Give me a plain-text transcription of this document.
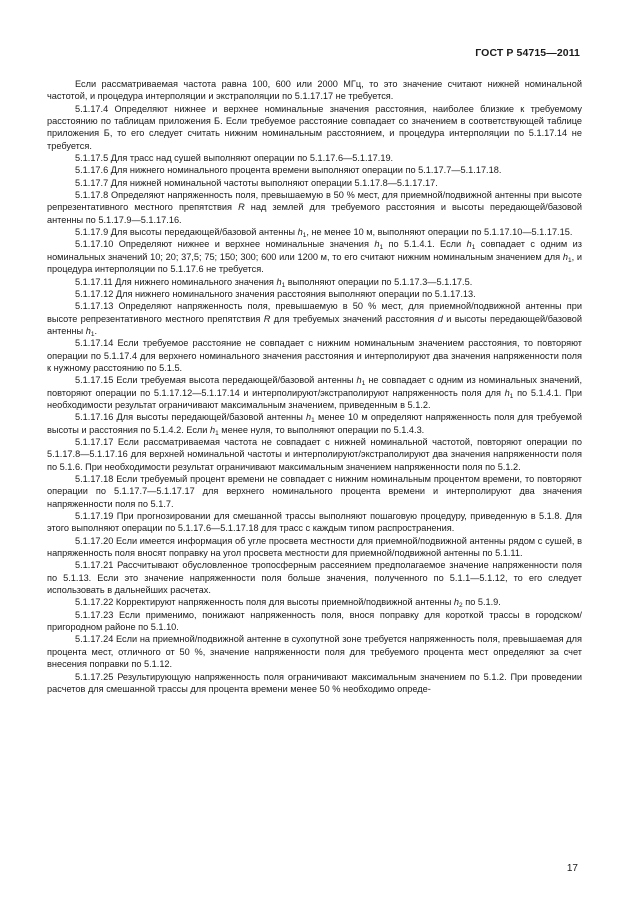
ГОСТ Р 54715—2011

Если рассматриваемая частота равна 100, 600 или 2000 МГц, то это значение считают нижней номинальной частотой, и процедура интерполяции и экстраполяции по 5.1.17.17 не требуется.

5.1.17.4 Определяют нижнее и верхнее номинальные значения расстояния, наиболее близкие к требуемому расстоянию по таблицам приложения Б. Если требуемое расстояние совпадает со значением в соответствующей таблице приложения Б, то его следует считать нижним номинальным расстоянием, и процедура интерполяции по 5.1.17.14 не требуется.

5.1.17.5 Для трасс над сушей выполняют операции по 5.1.17.6—5.1.17.19.

5.1.17.6 Для нижнего номинального процента времени выполняют операции по 5.1.17.7—5.1.17.18.

5.1.17.7 Для нижней номинальной частоты выполняют операции 5.1.17.8—5.1.17.17.

5.1.17.8 Определяют напряженность поля, превышаемую в 50 % мест, для приемной/подвижной антенны при высоте репрезентативного местного препятствия R над землей для требуемого расстояния и высоты передающей/базовой антенны по 5.1.17.9—5.1.17.16.

5.1.17.9 Для высоты передающей/базовой антенны $h_1$, не менее 10 м, выполняют операции по 5.1.17.10—5.1.17.15.

5.1.17.10 Определяют нижнее и верхнее номинальные значения $h_1$ по 5.1.4.1. Если $h_1$ совпадает с одним из номинальных значений 10; 20; 37,5; 75; 150; 300; 600 или 1200 м, то его считают нижним номинальным значением для $h_1$, и процедура интерполяции по 5.1.17.6 не требуется.

5.1.17.11 Для нижнего номинального значения $h_1$ выполняют операции по 5.1.17.3—5.1.17.5.

5.1.17.12 Для нижнего номинального значения расстояния выполняют операции по 5.1.17.13.

5.1.17.13 Определяют напряженность поля, превышаемую в 50 % мест, для приемной/подвижной антенны при высоте репрезентативного местного препятствия R для требуемых значений расстояния d и высоты передающей/базовой антенны $h_1$.

5.1.17.14 Если требуемое расстояние не совпадает с нижним номинальным значением расстояния, то повторяют операции по 5.1.17.4 для верхнего номинального значения расстояния и интерполируют два значения напряженности поля к нужному расстоянию по 5.1.5.

5.1.17.15 Если требуемая высота передающей/базовой антенны $h_1$ не совпадает с одним из номинальных значений, повторяют операции по 5.1.17.12—5.1.17.14 и интерполируют/экстраполируют напряженность поля для $h_1$ по 5.1.4.1. При необходимости результат ограничивают максимальным значением, приведенным в 5.1.2.

5.1.17.16 Для высоты передающей/базовой антенны $h_1$ менее 10 м определяют напряженность поля для требуемой высоты и расстояния по 5.1.4.2. Если $h_1$ менее нуля, то выполняют операции по 5.1.4.3.

5.1.17.17 Если рассматриваемая частота не совпадает с нижней номинальной частотой, повторяют операции по 5.1.17.8—5.1.17.16 для верхней номинальной частоты и интерполируют/экстраполируют два значения напряженности поля по 5.1.6. При необходимости результат ограничивают максимальным значением напряженности поля по 5.1.2.

5.1.17.18 Если требуемый процент времени не совпадает с нижним номинальным процентом времени, то повторяют операции по 5.1.17.7—5.1.17.17 для верхнего номинального процента времени и интерполируют два значения напряженности поля по 5.1.7.

5.1.17.19 При прогнозировании для смешанной трассы выполняют пошаговую процедуру, приведенную в 5.1.8. Для этого выполняют операции по 5.1.17.6—5.1.17.18 для трасс с каждым типом распространения.

5.1.17.20 Если имеется информация об угле просвета местности для приемной/подвижной антенны рядом с сушей, в напряженность поля вносят поправку на угол просвета местности для приемной/подвижной антенны по 5.1.11.

5.1.17.21 Рассчитывают обусловленное тропосферным рассеянием предполагаемое значение напряженности поля по 5.1.13. Если это значение напряженности поля больше значения, полученного по 5.1.1—5.1.12, то его следует использовать в дальнейших расчетах.

5.1.17.22 Корректируют напряженность поля для высоты приемной/подвижной антенны $h_2$ по 5.1.9.

5.1.17.23 Если применимо, понижают напряженность поля, внося поправку для короткой трассы в городском/пригородном районе по 5.1.10.

5.1.17.24 Если на приемной/подвижной антенне в сухопутной зоне требуется напряженность поля, превышаемая для процента мест, отличного от 50 %, значение напряженности поля для требуемого процента мест определяют за счет внесения поправки по 5.1.12.

5.1.17.25 Результирующую напряженность поля ограничивают максимальным значением по 5.1.2. При проведении расчетов для смешанной трассы для процента времени менее 50 % необходимо опреде-

17
